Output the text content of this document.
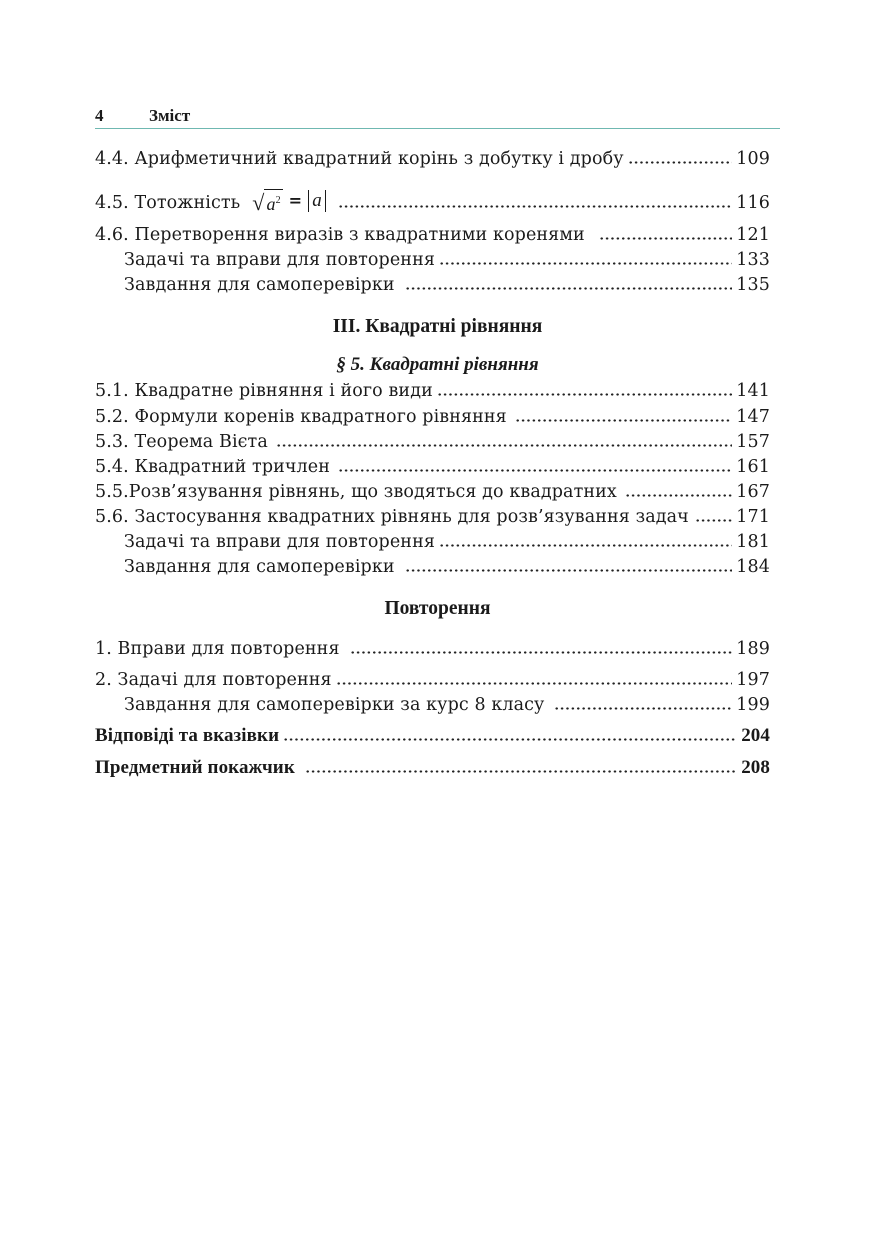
4	Зміст
4.4. Арифметичний квадратний корінь з добутку і дробу	109
4.5. Тотожність √ $a^2 = a$	116
4.6. Перетворення виразів з квадратними коренями	121
Задачі та вправи для повторення	133
Завдання для самоперевірки	135
III. Квадратні рівняння
§ 5. Квадратні рівняння
5.1. Квадратне рівняння і його види	141
5.2. Формули коренів квадратного рівняння	147
5.3. Теорема Вієта	157
5.4. Квадратний тричлен	161
5.5.Розв’язування рівнянь, що зводяться до квадратних	167
5.6. Застосування квадратних рівнянь для розв’язування задач	171
Задачі та вправи для повторення	181
Завдання для самоперевірки	184
Повторення
1. Вправи для повторення	189
2. Задачі для повторення	197
Завдання для самоперевірки за курс 8 класу	199
Відповіді та вказівки	204
Предметний покажчик	208
